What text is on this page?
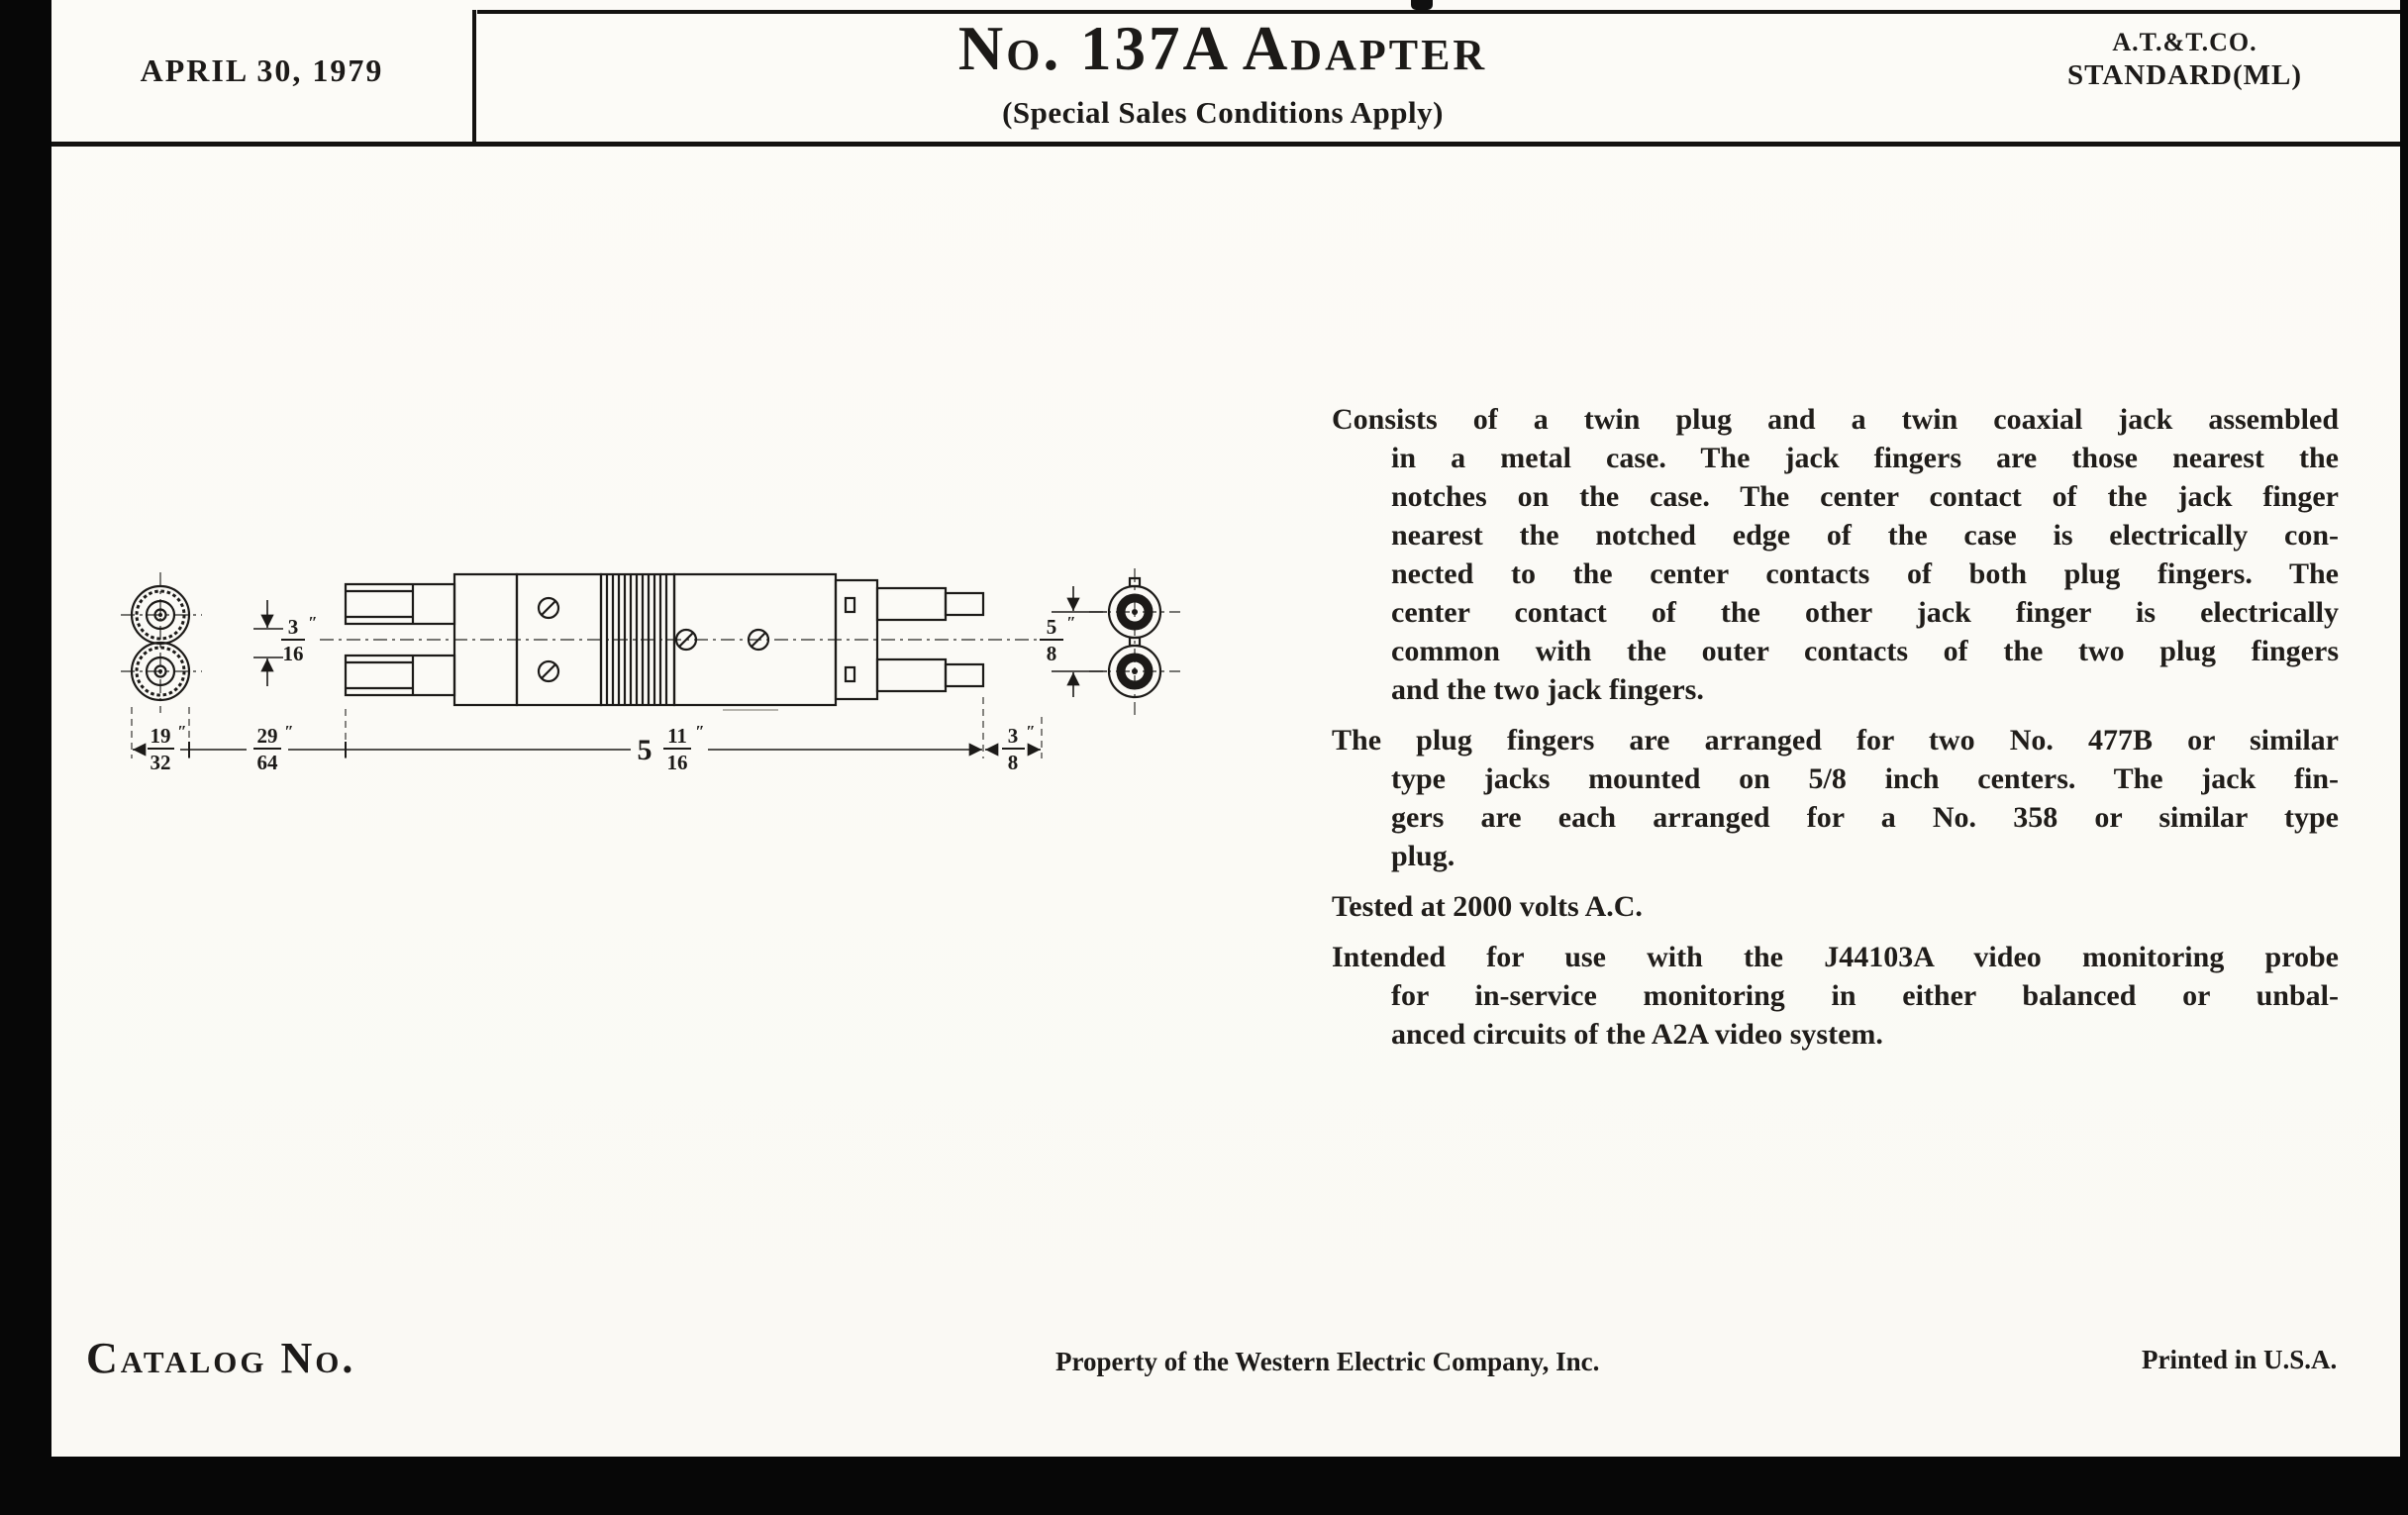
APRIL 30, 1979	No. 137A Adapter
(Special Sales Conditions Apply)
A.T.&T.CO.
STANDARD(ML)
3
16
″	5
8
″
19
32
″	29
64
″
5 11
16
″	3
8
″
Consists of a twin plug and a twin coaxial jack assembled
in a metal case. The jack fingers are those nearest the
notches on the case. The center contact of the jack finger
nearest the notched edge of the case is electrically con-
nected to the center contacts of both plug fingers. The
center contact of the other jack finger is electrically
common with the outer contacts of the two plug fingers
and the two jack fingers.
The plug fingers are arranged for two No. 477B or similar
type jacks mounted on 5/8 inch centers. The jack fin-
gers are each arranged for a No. 358 or similar type
plug.
Tested at 2000 volts A.C.
Intended for use with the J44103A video monitoring probe
for in-service monitoring in either balanced or unbal-
anced circuits of the A2A video system.
Catalog No.	Property of the Western Electric Company, Inc.	Printed in U.S.A.
